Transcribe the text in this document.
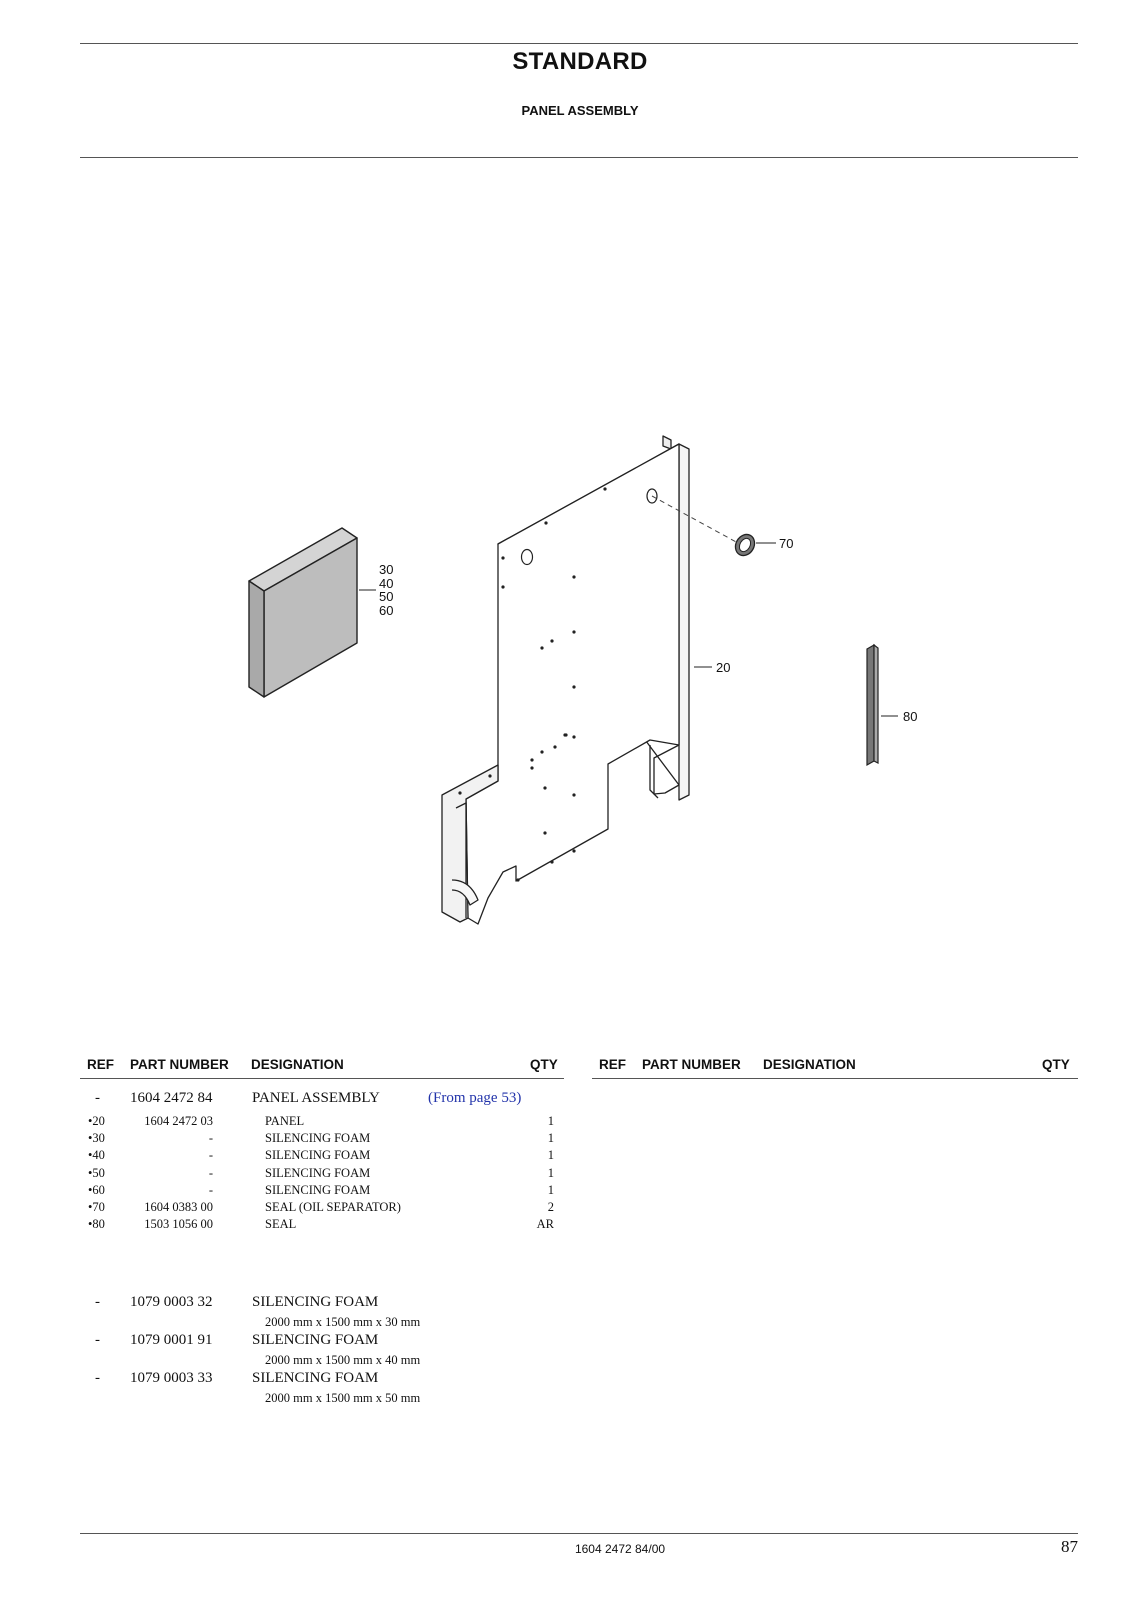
STANDARD
PANEL ASSEMBLY
30
40
50
60
20
70
80
REF PART NUMBER DESIGNATION	QTY	REF PART NUMBER DESIGNATION	QTY
- 1604 2472 84	PANEL ASSEMBLY	(From page 53)
•20	1604 2472 03	PANEL	1
•30	-	SILENCING FOAM	1
•40	-	SILENCING FOAM	1
•50	-	SILENCING FOAM	1
•60	-	SILENCING FOAM	1
•70	1604 0383 00	SEAL (OIL SEPARATOR)	2
•80	1503 1056 00	SEAL	AR
- 1079 0003 32	SILENCING FOAM
2000 mm x 1500 mm x 30 mm
- 1079 0001 91	SILENCING FOAM
2000 mm x 1500 mm x 40 mm
- 1079 0003 33	SILENCING FOAM
2000 mm x 1500 mm x 50 mm
1604 2472 84/00	87
